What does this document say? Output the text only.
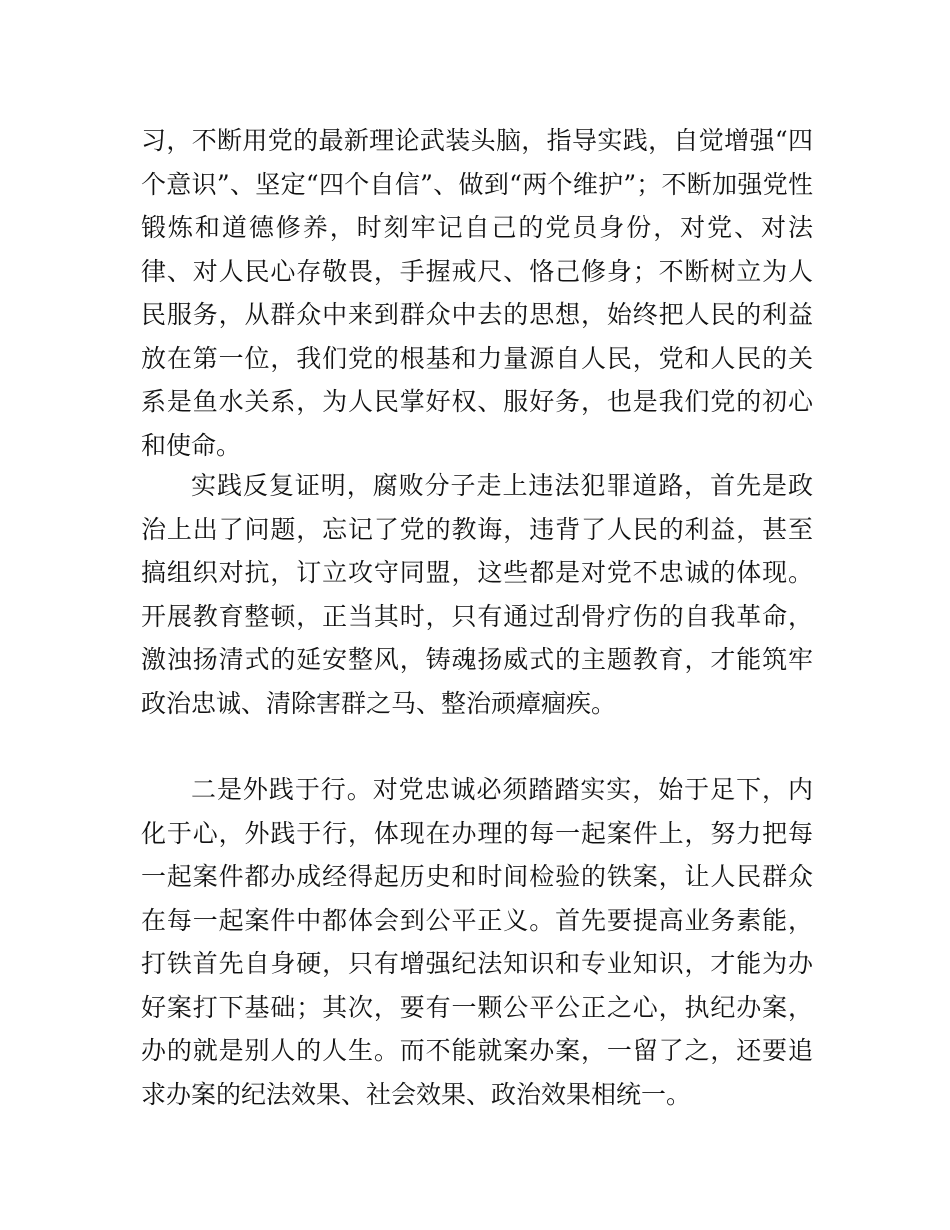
习，不断用党的最新理论武装头脑，指导实践，自觉增强“四个意识”、坚定“四个自信”、做到“两个维护”；不断加强党性锻炼和道德修养，时刻牢记自己的党员身份，对党、对法律、对人民心存敬畏，手握戒尺、恪己修身；不断树立为人民服务，从群众中来到群众中去的思想，始终把人民的利益放在第一位，我们党的根基和力量源自人民，党和人民的关系是鱼水关系，为人民掌好权、服好务，也是我们党的初心和使命。

实践反复证明，腐败分子走上违法犯罪道路，首先是政治上出了问题，忘记了党的教诲，违背了人民的利益，甚至搞组织对抗，订立攻守同盟，这些都是对党不忠诚的体现。开展教育整顿，正当其时，只有通过刮骨疗伤的自我革命，激浊扬清式的延安整风，铸魂扬威式的主题教育，才能筑牢政治忠诚、清除害群之马、整治顽瘴痼疾。

二是外践于行。对党忠诚必须踏踏实实，始于足下，内化于心，外践于行，体现在办理的每一起案件上，努力把每一起案件都办成经得起历史和时间检验的铁案，让人民群众在每一起案件中都体会到公平正义。首先要提高业务素能，打铁首先自身硬，只有增强纪法知识和专业知识，才能为办好案打下基础；其次，要有一颗公平公正之心，执纪办案，办的就是别人的人生。而不能就案办案，一留了之，还要追求办案的纪法效果、社会效果、政治效果相统一。
